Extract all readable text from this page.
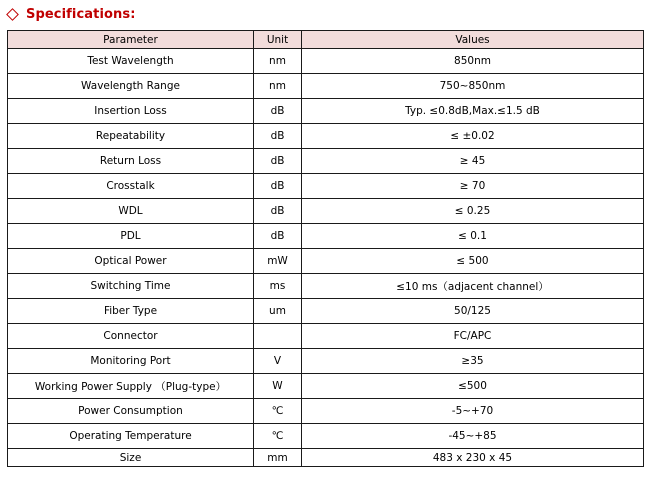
Specifications:
Parameter	Unit	Values
Test Wavelength	nm	850nm
Wavelength Range	nm	750~850nm
Insertion Loss	dB	Typ. ≤0.8dB,Max.≤1.5 dB
Repeatability	dB	≤ ±0.02
Return Loss	dB	≥ 45
Crosstalk	dB	≥ 70
WDL	dB	≤ 0.25
PDL	dB	≤ 0.1
Optical Power	mW	≤ 500
Switching Time	ms	≤10 ms（adjacent channel）
Fiber Type	um	50/125
Connector		FC/APC
Monitoring Port	V	≥35
Working Power Supply （Plug-type）	W	≤500
Power Consumption	℃	-5~+70
Operating Temperature	℃	-45~+85
Size	mm	483 x 230 x 45
